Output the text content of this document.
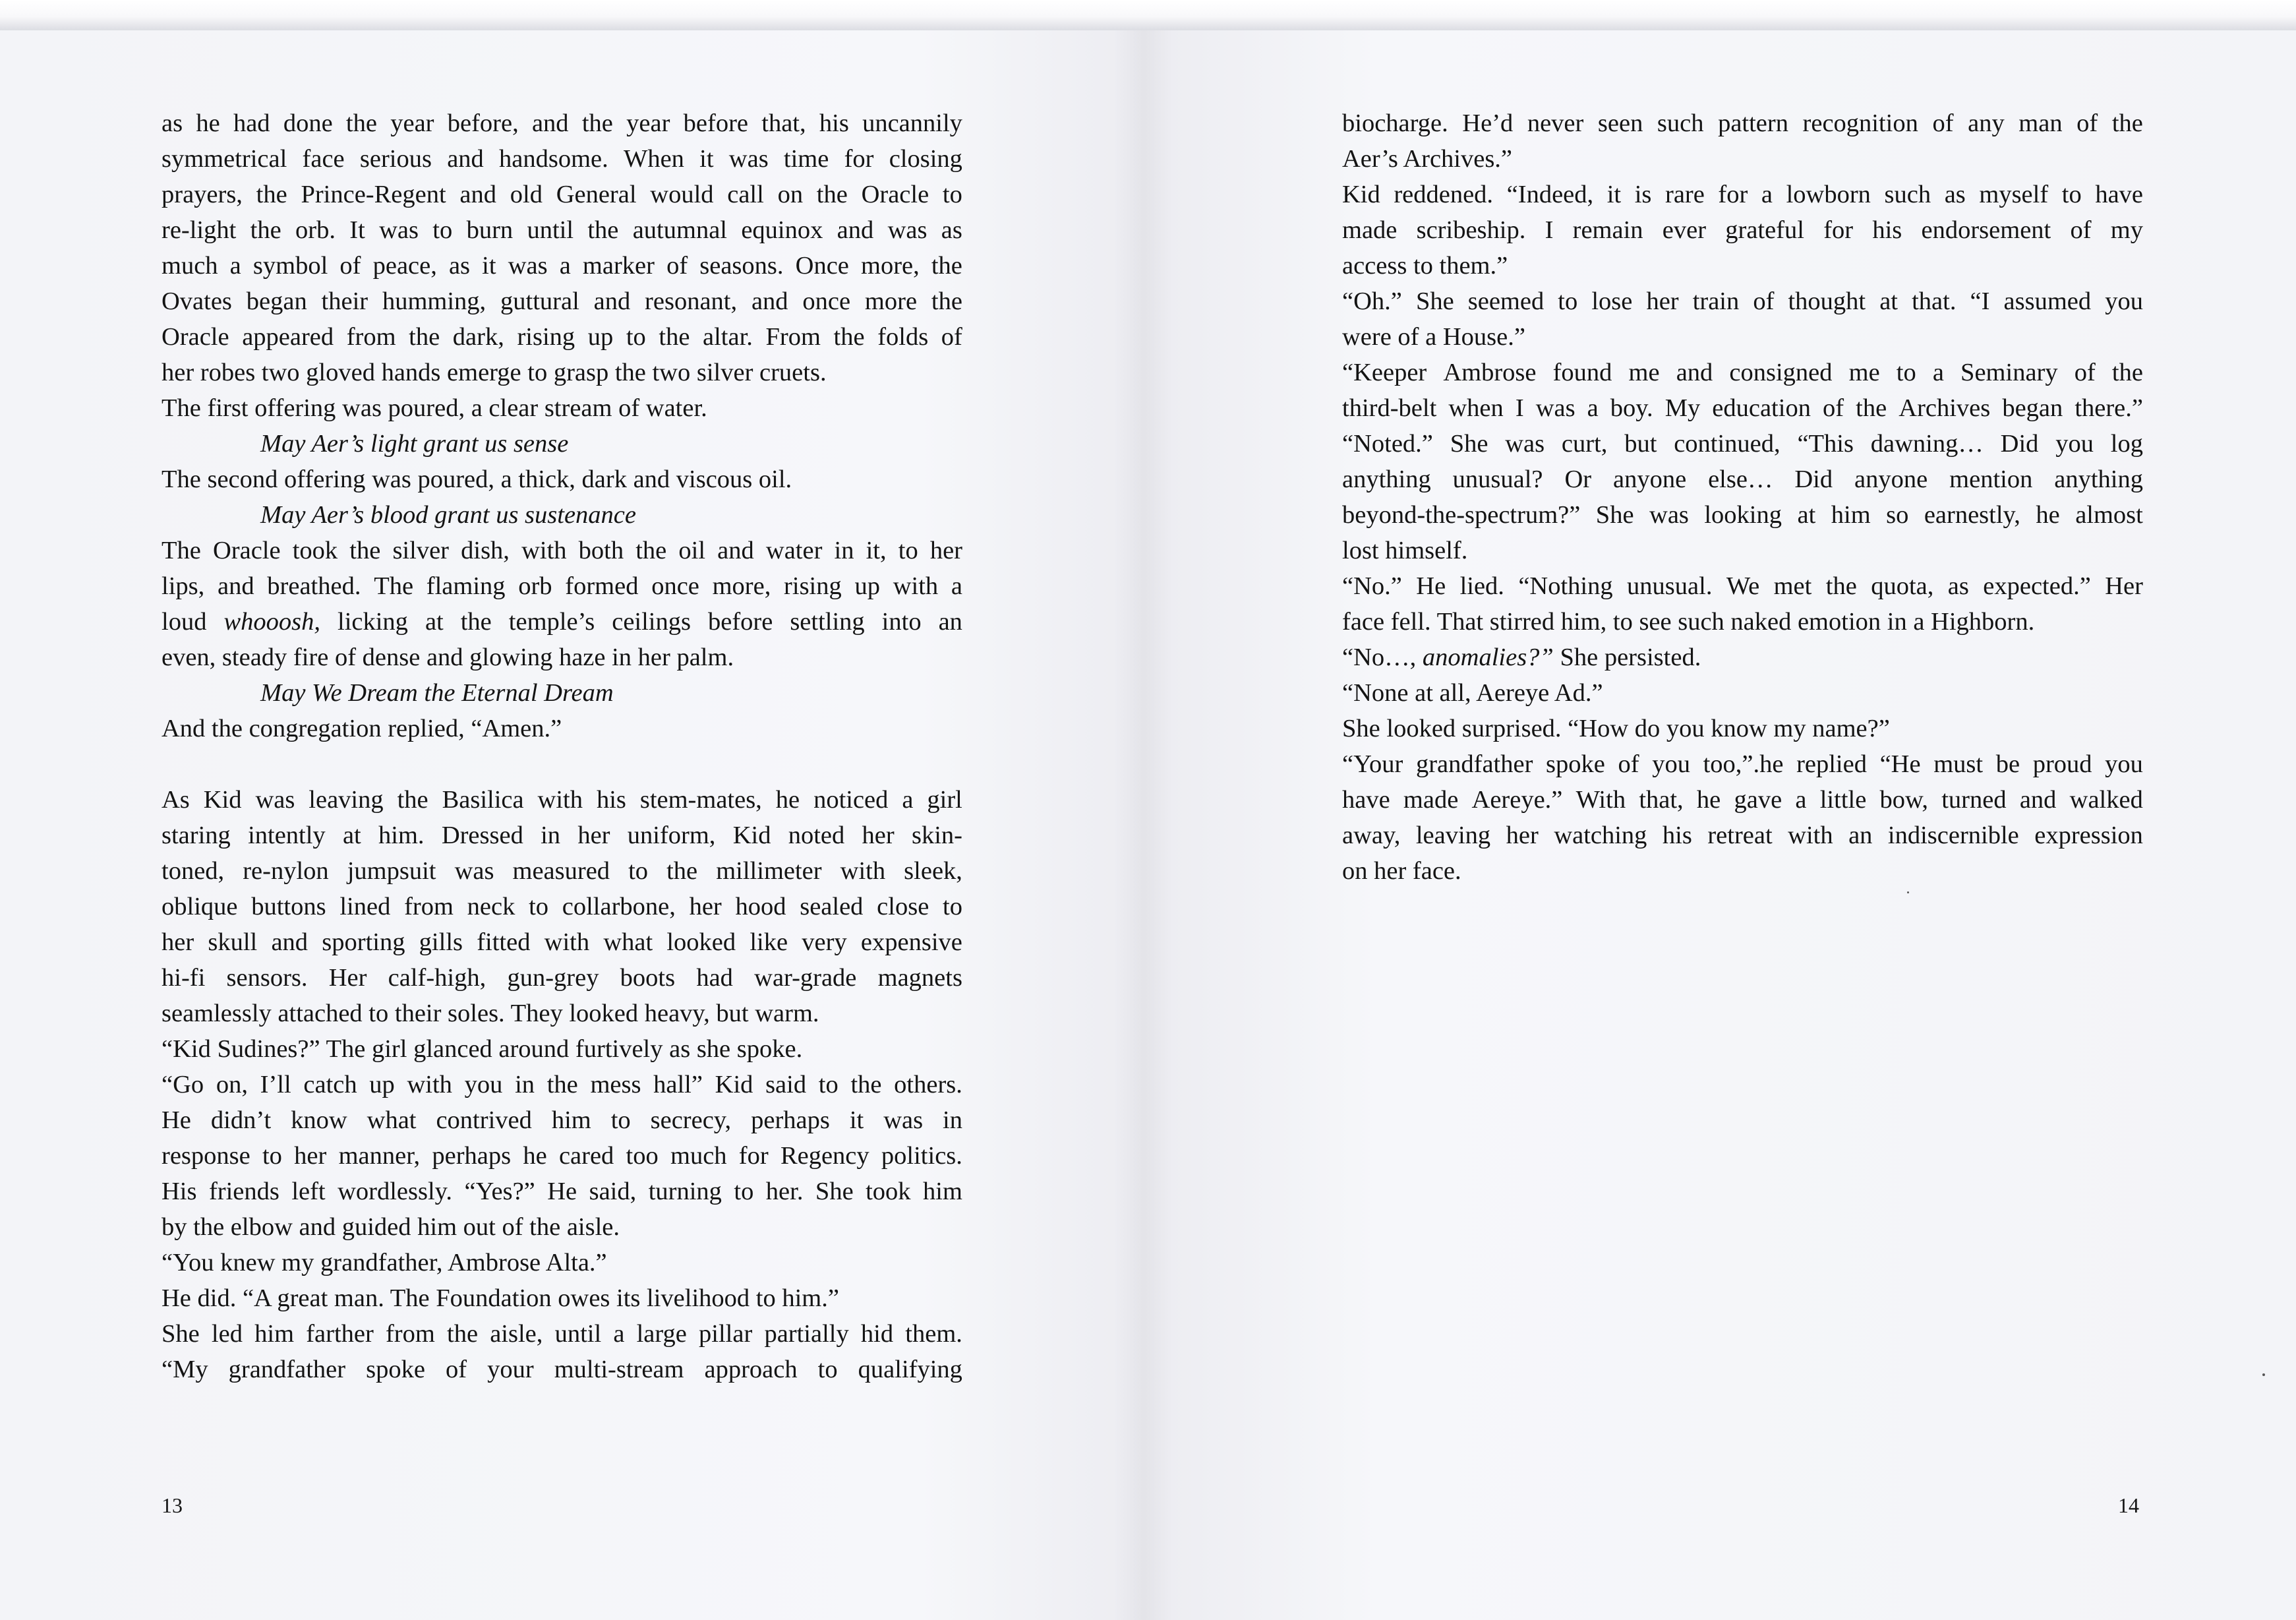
as he had done the year before, and the year before that, his uncannily
symmetrical face serious and handsome. When it was time for closing
prayers, the Prince-Regent and old General would call on the Oracle to
re-light the orb. It was to burn until the autumnal equinox and was as
much a symbol of peace, as it was a marker of seasons. Once more, the
Ovates began their humming, guttural and resonant, and once more the
Oracle appeared from the dark, rising up to the altar. From the folds of
her robes two gloved hands emerge to grasp the two silver cruets.
The first offering was poured, a clear stream of water.
May Aer’s light grant us sense
The second offering was poured, a thick, dark and viscous oil.
May Aer’s blood grant us sustenance
The Oracle took the silver dish, with both the oil and water in it, to her
lips, and breathed. The flaming orb formed once more, rising up with a
loud whooosh, licking at the temple’s ceilings before settling into an
even, steady fire of dense and glowing haze in her palm.
May We Dream the Eternal Dream
And the congregation replied, “Amen.”
As Kid was leaving the Basilica with his stem-mates, he noticed a girl
staring intently at him. Dressed in her uniform, Kid noted her skin-
toned, re-nylon jumpsuit was measured to the millimeter with sleek,
oblique buttons lined from neck to collarbone, her hood sealed close to
her skull and sporting gills fitted with what looked like very expensive
hi-fi sensors. Her calf-high, gun-grey boots had war-grade magnets
seamlessly attached to their soles. They looked heavy, but warm.
“Kid Sudines?” The girl glanced around furtively as she spoke.
“Go on, I’ll catch up with you in the mess hall” Kid said to the others.
He didn’t know what contrived him to secrecy, perhaps it was in
response to her manner, perhaps he cared too much for Regency politics.
His friends left wordlessly. “Yes?” He said, turning to her. She took him
by the elbow and guided him out of the aisle.
“You knew my grandfather, Ambrose Alta.”
He did. “A great man. The Foundation owes its livelihood to him.”
She led him farther from the aisle, until a large pillar partially hid them.
“My grandfather spoke of your multi-stream approach to qualifying
biocharge. He’d never seen such pattern recognition of any man of the
Aer’s Archives.”
Kid reddened. “Indeed, it is rare for a lowborn such as myself to have
made scribeship. I remain ever grateful for his endorsement of my
access to them.”
“Oh.” She seemed to lose her train of thought at that. “I assumed you
were of a House.”
“Keeper Ambrose found me and consigned me to a Seminary of the
third-belt when I was a boy. My education of the Archives began there.”
“Noted.” She was curt, but continued, “This dawning… Did you log
anything unusual? Or anyone else… Did anyone mention anything
beyond-the-spectrum?” She was looking at him so earnestly, he almost
lost himself.
“No.” He lied. “Nothing unusual. We met the quota, as expected.” Her
face fell. That stirred him, to see such naked emotion in a Highborn.
“No…, anomalies?” She persisted.
“None at all, Aereye Ad.”
She looked surprised. “How do you know my name?”
“Your grandfather spoke of you too,”.he replied “He must be proud you
have made Aereye.” With that, he gave a little bow, turned and walked
away, leaving her watching his retreat with an indiscernible expression
on her face.
13	14
